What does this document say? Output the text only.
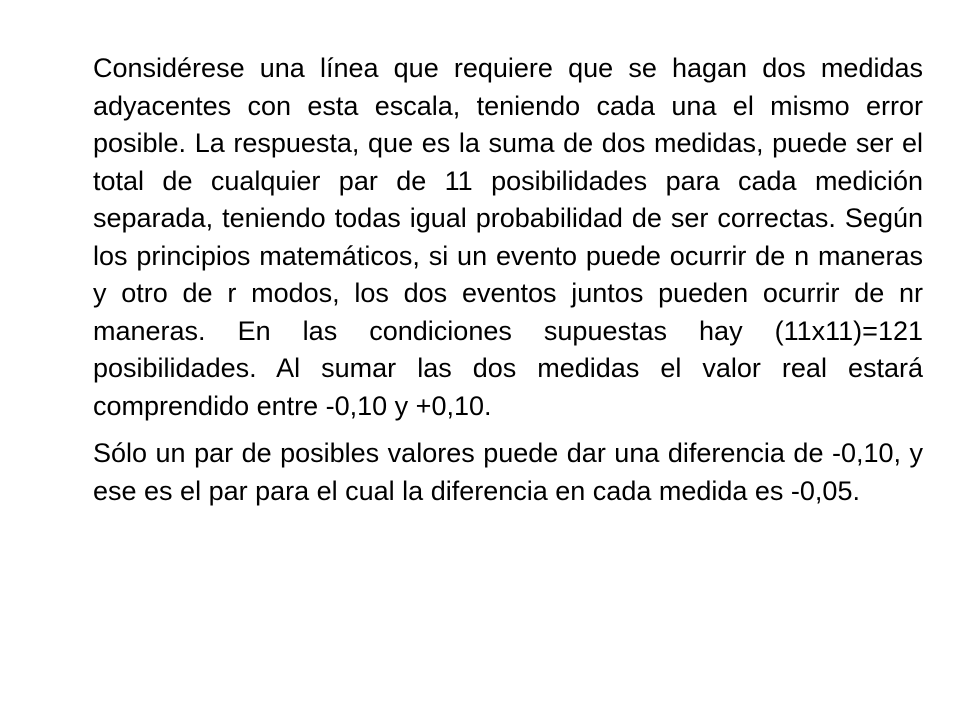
Considérese una línea que requiere que se hagan dos medidas adyacentes con esta escala, teniendo cada una el mismo error posible. La respuesta, que es la suma de dos medidas, puede ser el total de cualquier par de 11 posibilidades para cada medición separada, teniendo todas igual probabilidad de ser correctas. Según los principios matemáticos, si un evento puede ocurrir de n maneras y otro de r modos, los dos eventos juntos pueden ocurrir de nr maneras. En las condiciones supuestas hay (11x11)=121 posibilidades. Al sumar las dos medidas el valor real estará comprendido entre -0,10 y +0,10.

Sólo un par de posibles valores puede dar una diferencia de -0,10, y ese es el par para el cual la diferencia en cada medida es -0,05.
